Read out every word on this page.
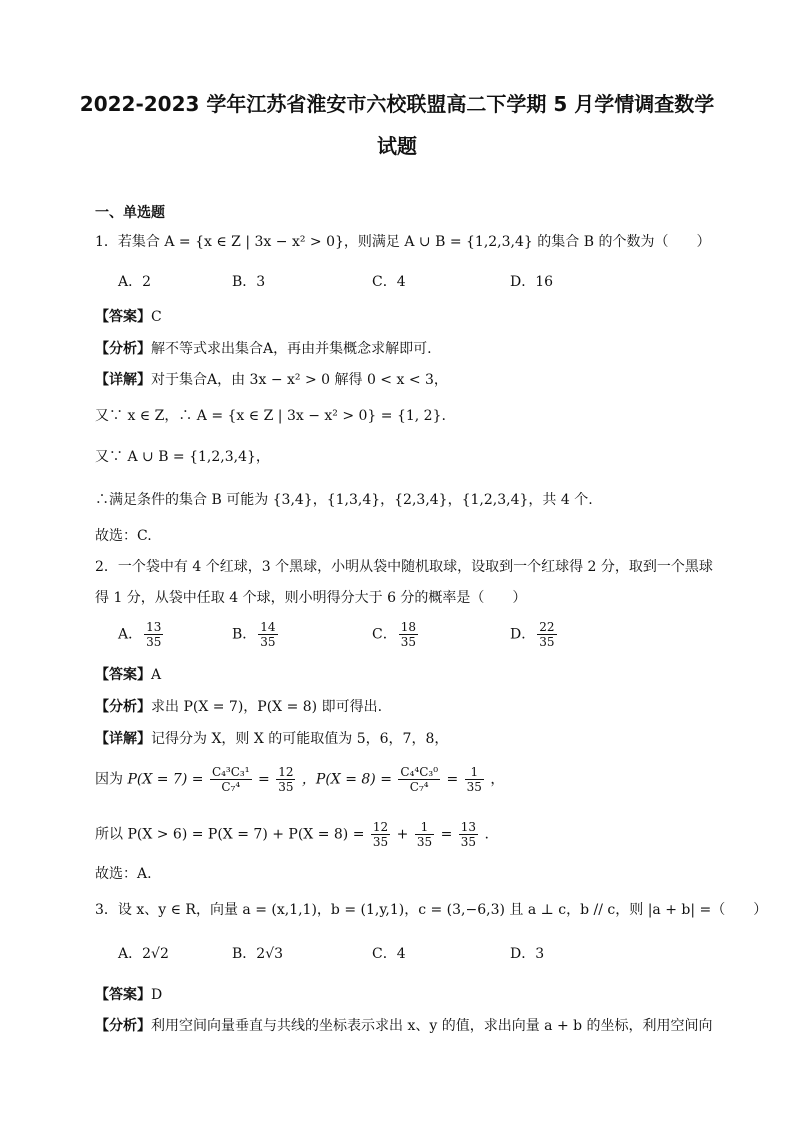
2022-2023 学年江苏省淮安市六校联盟高二下学期 5 月学情调查数学
试题
一、单选题
1．若集合 A = {x ∈ Z | 3x − x² > 0}，则满足 A ∪ B = {1,2,3,4} 的集合 B 的个数为（　　）
A．2	B．3	C．4	D．16
【答案】C
【分析】解不等式求出集合A，再由并集概念求解即可.
【详解】对于集合A，由 3x − x² > 0 解得 0 < x < 3，
又∵ x ∈ Z，∴ A = {x ∈ Z | 3x − x² > 0} = {1, 2}.
又∵ A ∪ B = {1,2,3,4}，
∴满足条件的集合 B 可能为 {3,4}，{1,3,4}，{2,3,4}，{1,2,3,4}，共 4 个.
故选：C.
2．一个袋中有 4 个红球，3 个黑球，小明从袋中随机取球，设取到一个红球得 2 分，取到一个黑球
得 1 分，从袋中任取 4 个球，则小明得分大于 6 分的概率是（　　）
A． $\frac{13}{35}$	B． $\frac{14}{35}$	C． $\frac{18}{35}$	D． $\frac{22}{35}$
【答案】A
【分析】求出 P(X = 7)，P(X = 8) 即可得出.
【详解】记得分为 X，则 X 的可能取值为 5，6，7，8，
因为 $P(X = 7) = \frac{\text{C₄³C₃¹}}{\text{C₇⁴}} = \frac{12}{35}$ ，$P(X = 8) = \frac{\text{C₄⁴C₃⁰}}{\text{C₇⁴}} = \frac{1}{35}$ ，
所以 $P(X > 6) = P(X = 7) + P(X = 8) = \frac{12}{35} + \frac{1}{35} = \frac{13}{35}$ .
故选：A.
3．设 x、y ∈ R，向量 a = (x,1,1)，b = (1,y,1)，c = (3,−6,3) 且 a ⊥ c，b // c，则 |a + b| =（　　）
A．2√2	B．2√3	C．4	D．3
【答案】D
【分析】利用空间向量垂直与共线的坐标表示求出 x、y 的值，求出向量 a + b 的坐标，利用空间向
